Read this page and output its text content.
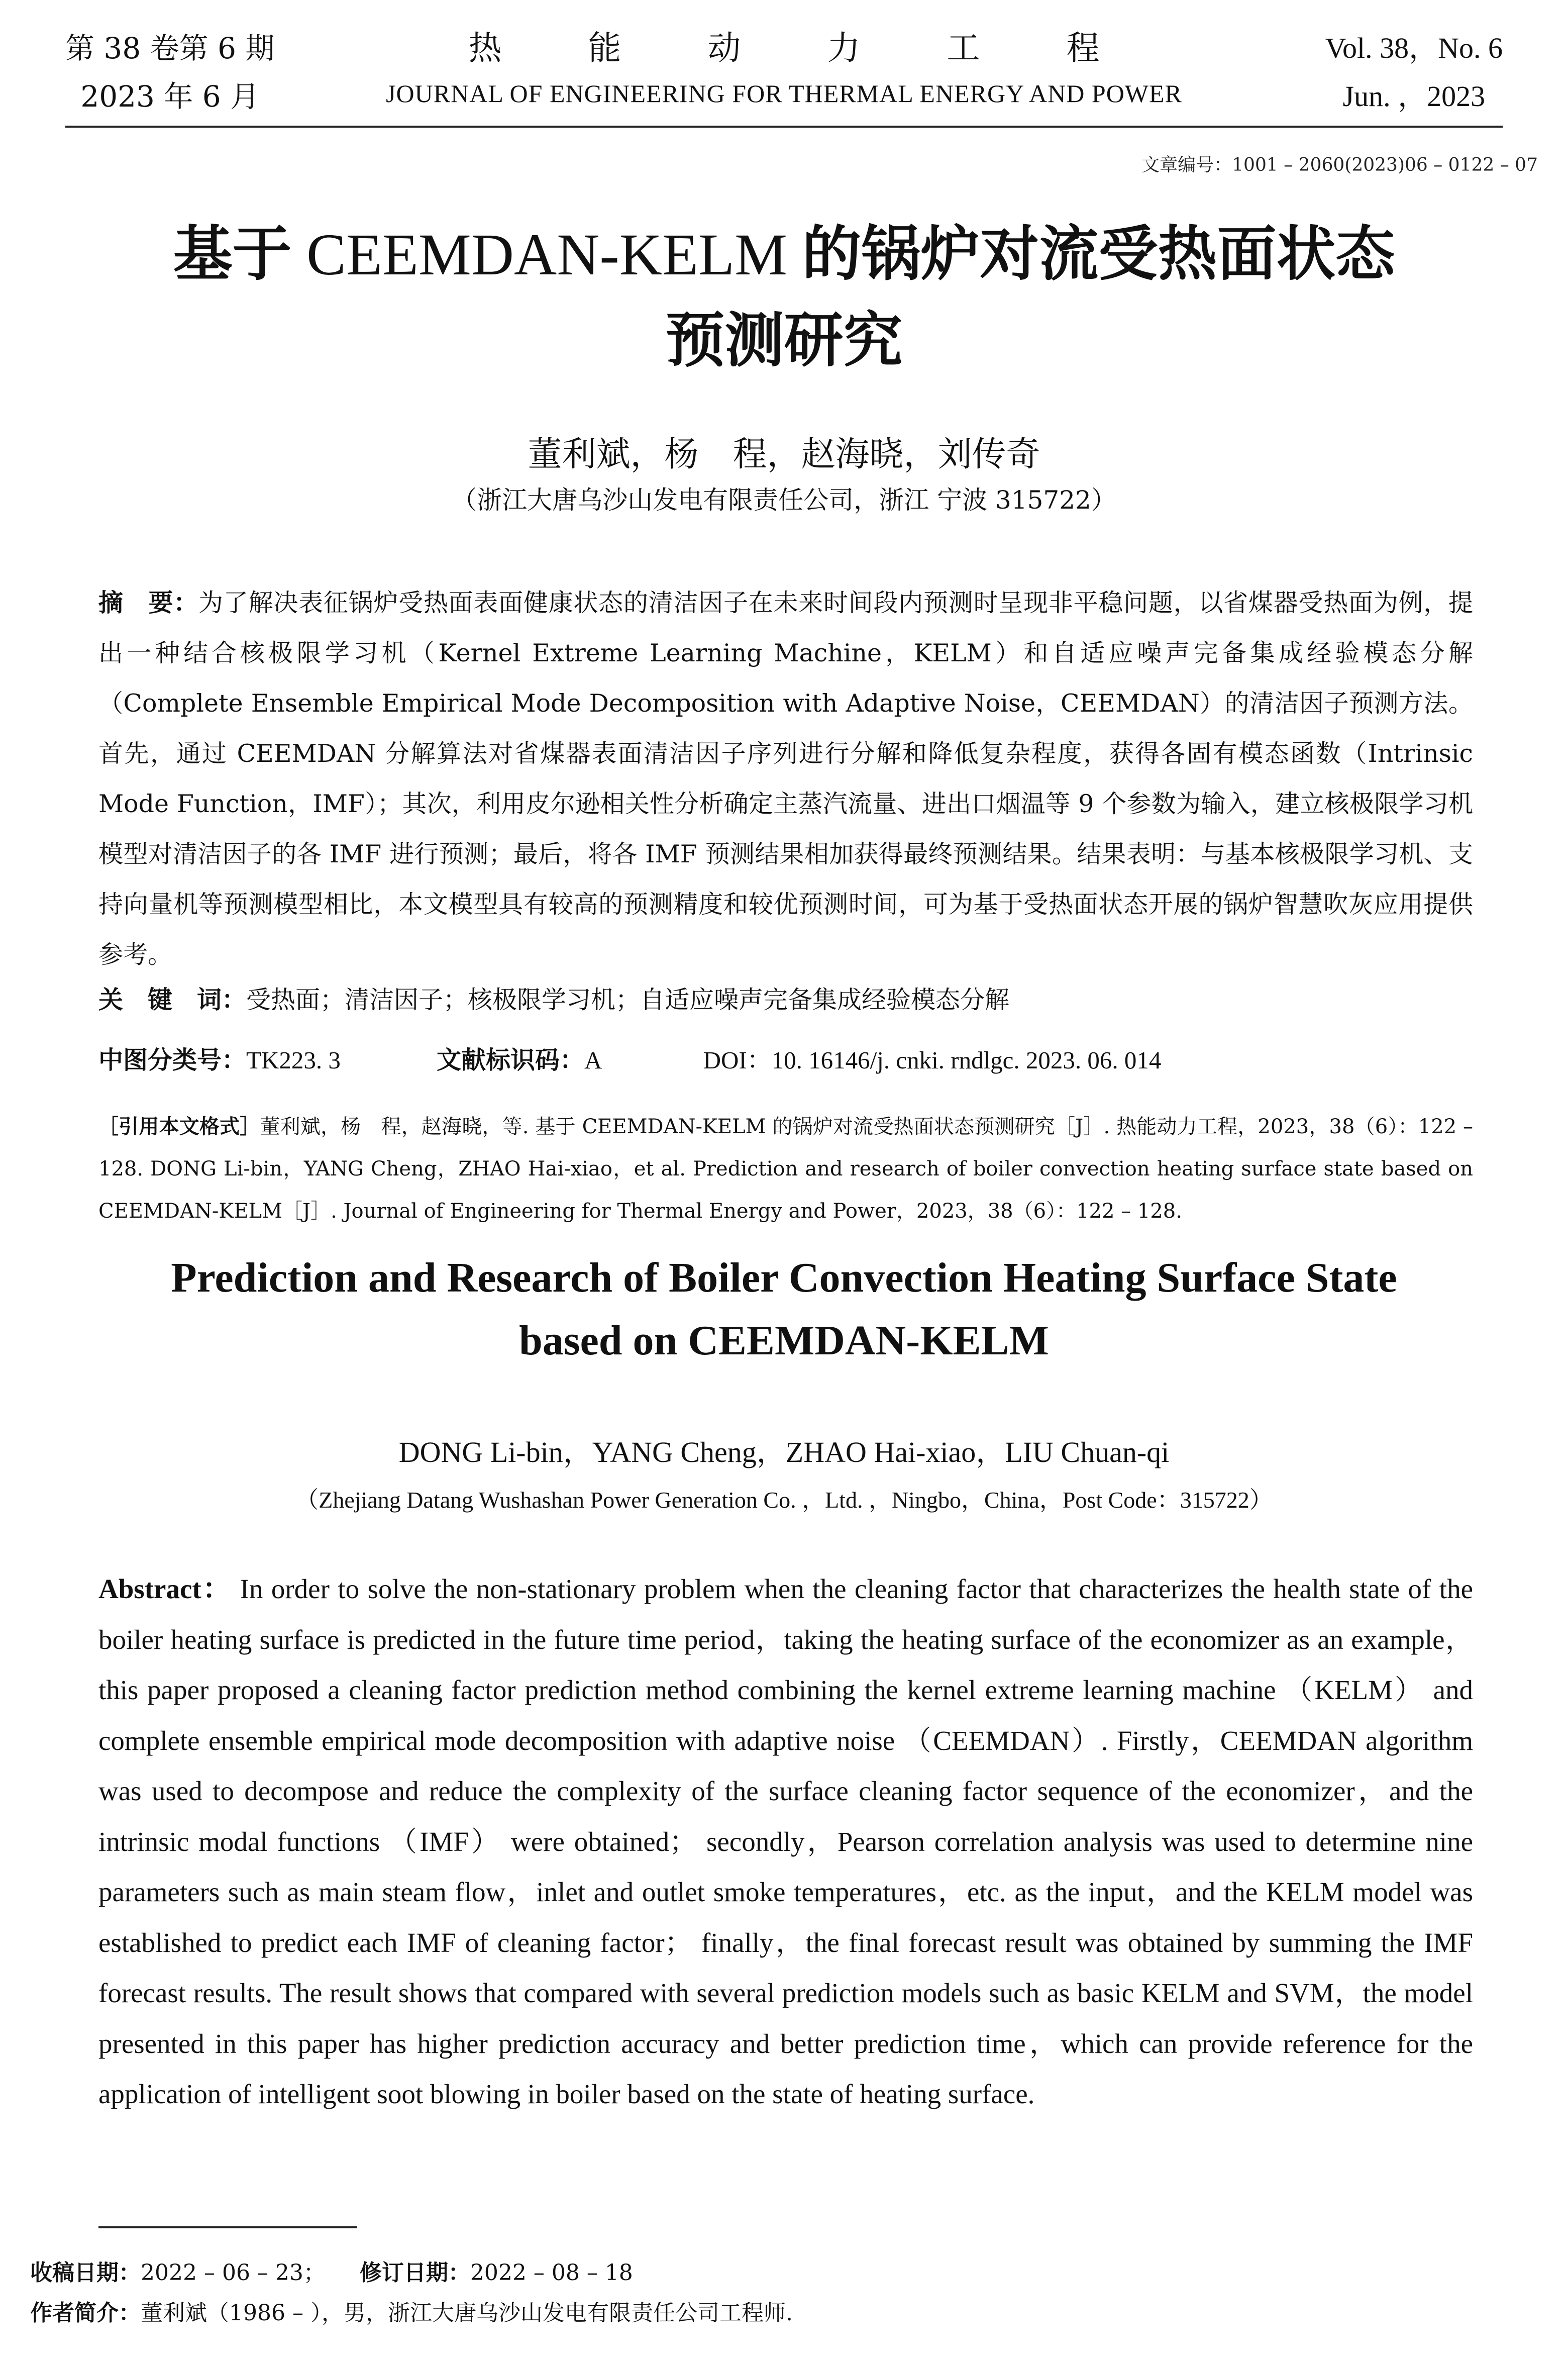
第 38 卷第 6 期
2023 年 6 月
热能动力工程
JOURNAL OF ENGINEERING FOR THERMAL ENERGY AND POWER
Vol. 38，No. 6
Jun. ，2023
文章编号：1001 – 2060(2023)06 – 0122 – 07
基于 CEEMDAN-KELM 的锅炉对流受热面状态
预测研究
董利斌，杨　程，赵海晓，刘传奇
（浙江大唐乌沙山发电有限责任公司，浙江 宁波 315722）
摘　要：为了解决表征锅炉受热面表面健康状态的清洁因子在未来时间段内预测时呈现非平稳问题，以省煤器受热面为例，提出一种结合核极限学习机（Kernel Extreme Learning Machine，KELM）和自适应噪声完备集成经验模态分解（Complete Ensemble Empirical Mode Decomposition with Adaptive Noise，CEEMDAN）的清洁因子预测方法。首先，通过 CEEMDAN 分解算法对省煤器表面清洁因子序列进行分解和降低复杂程度，获得各固有模态函数（Intrinsic Mode Function，IMF）；其次，利用皮尔逊相关性分析确定主蒸汽流量、进出口烟温等 9 个参数为输入，建立核极限学习机模型对清洁因子的各 IMF 进行预测；最后，将各 IMF 预测结果相加获得最终预测结果。结果表明：与基本核极限学习机、支持向量机等预测模型相比，本文模型具有较高的预测精度和较优预测时间，可为基于受热面状态开展的锅炉智慧吹灰应用提供参考。
关　键　词：受热面；清洁因子；核极限学习机；自适应噪声完备集成经验模态分解
中图分类号：TK223. 3	文献标识码：A	DOI：10. 16146/j. cnki. rndlgc. 2023. 06. 014
［引用本文格式］董利斌，杨　程，赵海晓，等. 基于 CEEMDAN-KELM 的锅炉对流受热面状态预测研究［J］. 热能动力工程，2023，38（6）：122 – 128. DONG Li-bin，YANG Cheng，ZHAO Hai-xiao，et al. Prediction and research of boiler convection heating surface state based on CEEMDAN-KELM［J］. Journal of Engineering for Thermal Energy and Power，2023，38（6）：122 – 128.
Prediction and Research of Boiler Convection Heating Surface State
based on CEEMDAN-KELM
DONG Li-bin，YANG Cheng，ZHAO Hai-xiao，LIU Chuan-qi
（Zhejiang Datang Wushashan Power Generation Co. ，Ltd. ，Ningbo，China，Post Code：315722）
Abstract： In order to solve the non-stationary problem when the cleaning factor that characterizes the health state of the boiler heating surface is predicted in the future time period，taking the heating surface of the economizer as an example，this paper proposed a cleaning factor prediction method combining the kernel extreme learning machine （KELM） and complete ensemble empirical mode decomposition with adaptive noise （CEEMDAN）. Firstly，CEEMDAN algorithm was used to decompose and reduce the complexity of the surface cleaning factor sequence of the economizer，and the intrinsic modal functions （IMF） were obtained； secondly，Pearson correlation analysis was used to determine nine parameters such as main steam flow，inlet and outlet smoke temperatures，etc. as the input，and the KELM model was established to predict each IMF of cleaning factor； finally，the final forecast result was obtained by summing the IMF forecast results. The result shows that compared with several prediction models such as basic KELM and SVM，the model presented in this paper has higher prediction accuracy and better prediction time，which can provide reference for the application of intelligent soot blowing in boiler based on the state of heating surface.
收稿日期：2022 – 06 – 23； 修订日期：2022 – 08 – 18
作者简介：董利斌（1986 – ），男，浙江大唐乌沙山发电有限责任公司工程师.
